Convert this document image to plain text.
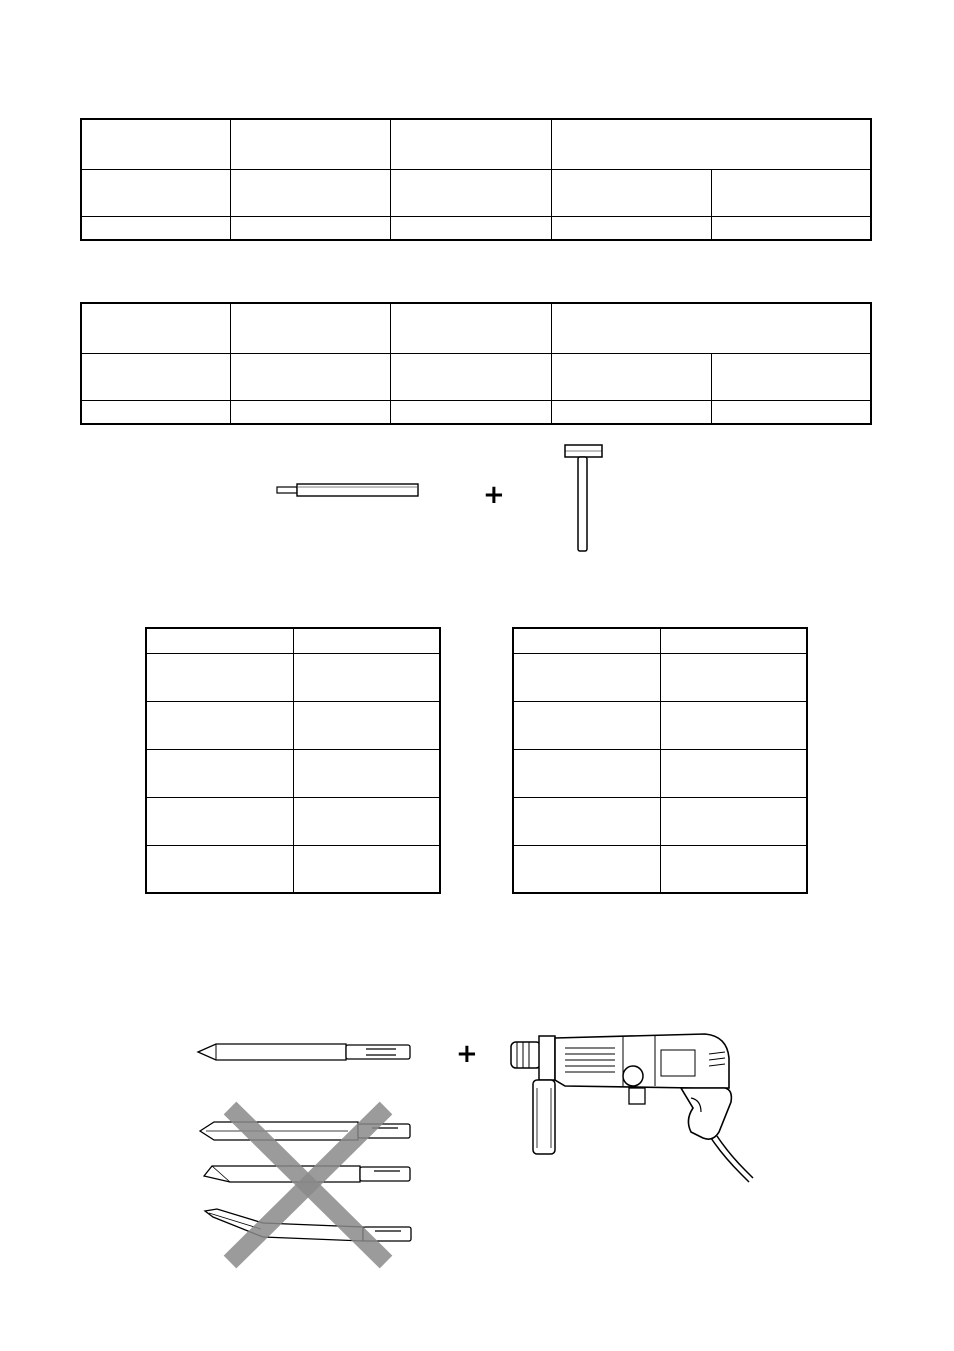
+

+
